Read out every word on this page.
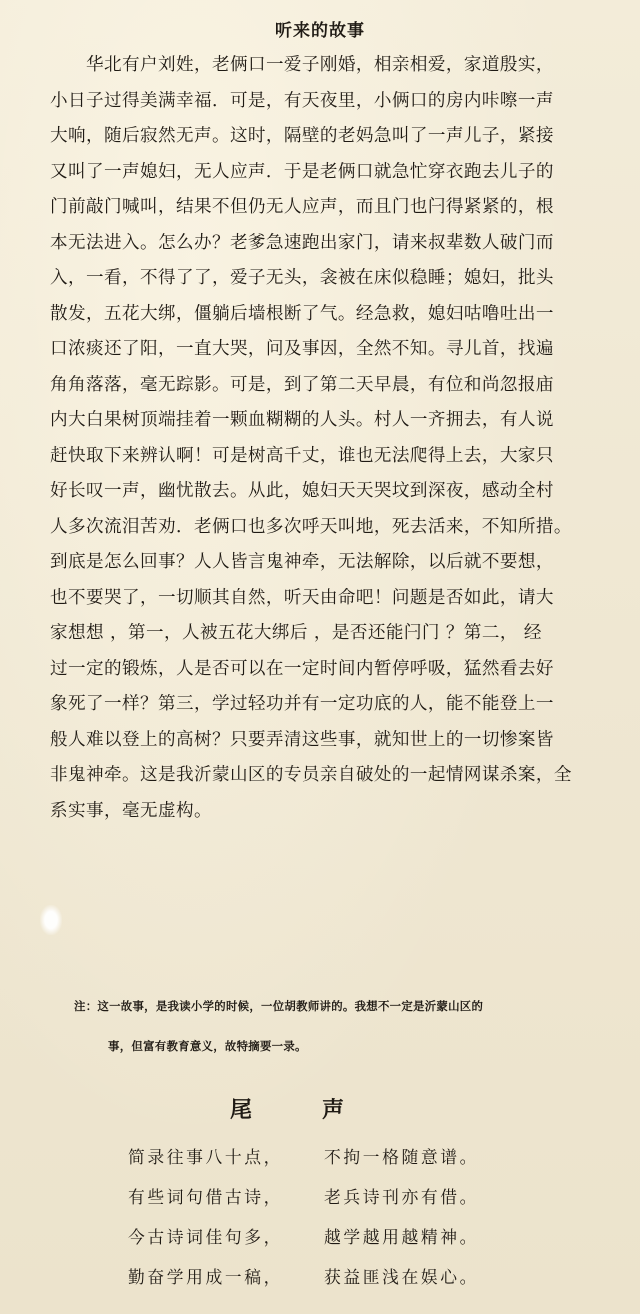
听来的故事
华北有户刘姓，老俩口一爱子刚婚，相亲相爱，家道殷实，
小日子过得美满幸福．可是，有天夜里，小俩口的房内咔嚓一声
大响，随后寂然无声。这时，隔壁的老妈急叫了一声儿子，紧接
又叫了一声媳妇，无人应声．于是老俩口就急忙穿衣跑去儿子的
门前敲门喊叫，结果不但仍无人应声，而且门也闩得紧紧的，根
本无法进入。怎么办？老爹急速跑出家门，请来叔辈数人破门而
入，一看，不得了了，爱子无头，衾被在床似稳睡；媳妇，批头
散发，五花大绑，僵躺后墙根断了气。经急救，媳妇咕噜吐出一
口浓痰还了阳，一直大哭，问及事因，全然不知。寻儿首，找遍
角角落落，毫无踪影。可是，到了第二天早晨，有位和尚忽报庙
内大白果树顶端挂着一颗血糊糊的人头。村人一齐拥去，有人说
赶快取下来辨认啊！可是树高千丈，谁也无法爬得上去，大家只
好长叹一声，幽忧散去。从此，媳妇天天哭坟到深夜，感动全村
人多次流泪苦劝．老俩口也多次呼天叫地，死去活来，不知所措。
到底是怎么回事？人人皆言鬼神牵，无法解除，以后就不要想，
也不要哭了，一切顺其自然，听天由命吧！问题是否如此，请大
家想想 ，第一，人被五花大绑后 ，是否还能闩门 ？第二， 经
过一定的锻炼，人是否可以在一定时间内暂停呼吸，猛然看去好
象死了一样？第三，学过轻功并有一定功底的人，能不能登上一
般人难以登上的高树？只要弄清这些事，就知世上的一切惨案皆
非鬼神牵。这是我沂蒙山区的专员亲自破处的一起情网谋杀案，全
系实事，毫无虚构。
注：这一故事，是我读小学的时候，一位胡教师讲的。我想不一定是沂蒙山区的
事，但富有教育意义，故特摘要一录。
尾	声
简录往事八十点， 不拘一格随意谱。
有些词句借古诗， 老兵诗刊亦有借。
今古诗词佳句多， 越学越用越精神。
勤奋学用成一稿， 获益匪浅在娱心。
